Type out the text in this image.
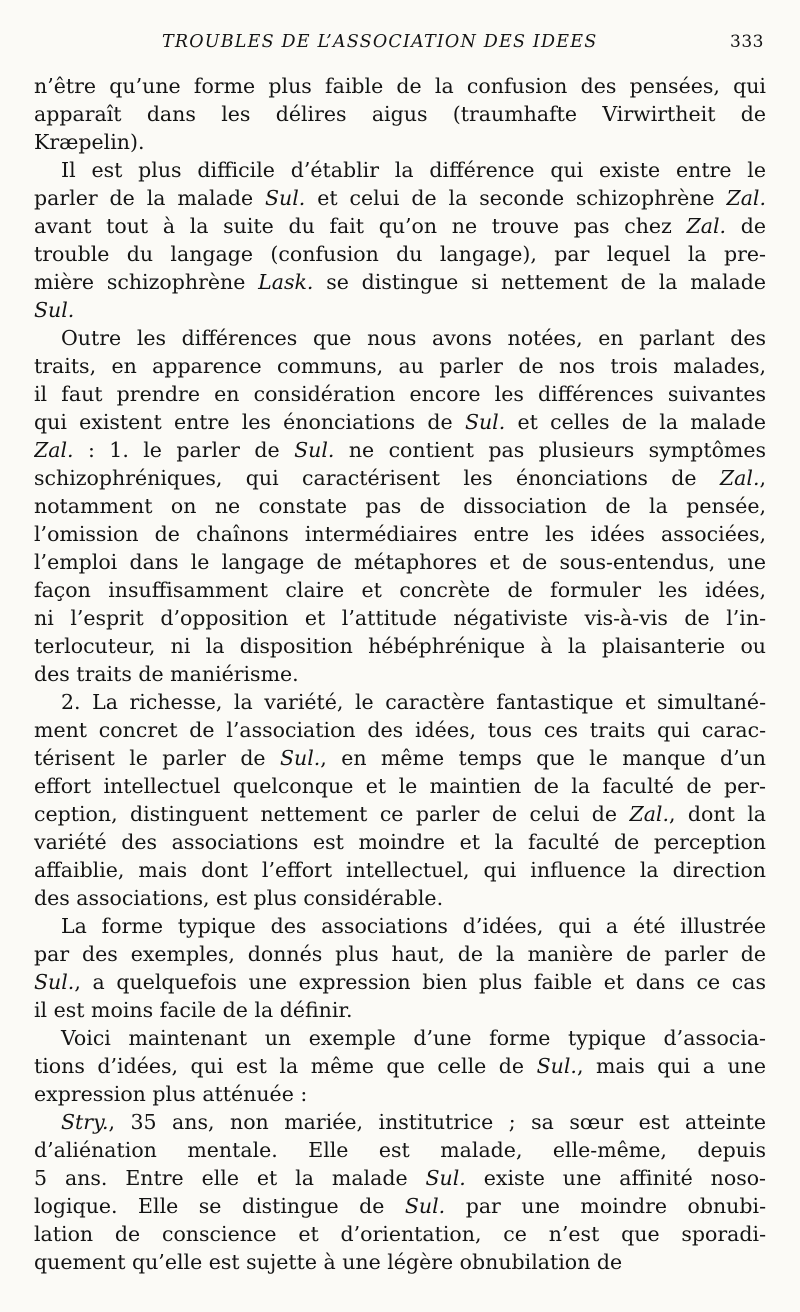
TROUBLES DE L’ASSOCIATION DES IDEES	333
n’être qu’une forme plus faible de la confusion des pensées, qui
apparaît dans les délires aigus (traumhafte Virwirtheit de
Kræpelin).
Il est plus difficile d’établir la différence qui existe entre le
parler de la malade Sul. et celui de la seconde schizophrène Zal.
avant tout à la suite du fait qu’on ne trouve pas chez Zal. de
trouble du langage (confusion du langage), par lequel la pre-
mière schizophrène Lask. se distingue si nettement de la malade
Sul.
Outre les différences que nous avons notées, en parlant des
traits, en apparence communs, au parler de nos trois malades,
il faut prendre en considération encore les différences suivantes
qui existent entre les énonciations de Sul. et celles de la malade
Zal. : 1. le parler de Sul. ne contient pas plusieurs symptômes
schizophréniques, qui caractérisent les énonciations de Zal.,
notamment on ne constate pas de dissociation de la pensée,
l’omission de chaînons intermédiaires entre les idées associées,
l’emploi dans le langage de métaphores et de sous-entendus, une
façon insuffisamment claire et concrète de formuler les idées,
ni l’esprit d’opposition et l’attitude négativiste vis-à-vis de l’in-
terlocuteur, ni la disposition hébéphrénique à la plaisanterie ou
des traits de maniérisme.
2. La richesse, la variété, le caractère fantastique et simultané-
ment concret de l’association des idées, tous ces traits qui carac-
térisent le parler de Sul., en même temps que le manque d’un
effort intellectuel quelconque et le maintien de la faculté de per-
ception, distinguent nettement ce parler de celui de Zal., dont la
variété des associations est moindre et la faculté de perception
affaiblie, mais dont l’effort intellectuel, qui influence la direction
des associations, est plus considérable.
La forme typique des associations d’idées, qui a été illustrée
par des exemples, donnés plus haut, de la manière de parler de
Sul., a quelquefois une expression bien plus faible et dans ce cas
il est moins facile de la définir.
Voici maintenant un exemple d’une forme typique d’associa-
tions d’idées, qui est la même que celle de Sul., mais qui a une
expression plus atténuée :
Stry., 35 ans, non mariée, institutrice ; sa sœur est atteinte
d’aliénation mentale. Elle est malade, elle-même, depuis
5 ans. Entre elle et la malade Sul. existe une affinité noso-
logique. Elle se distingue de Sul. par une moindre obnubi-
lation de conscience et d’orientation, ce n’est que sporadi-
quement qu’elle est sujette à une légère obnubilation de
